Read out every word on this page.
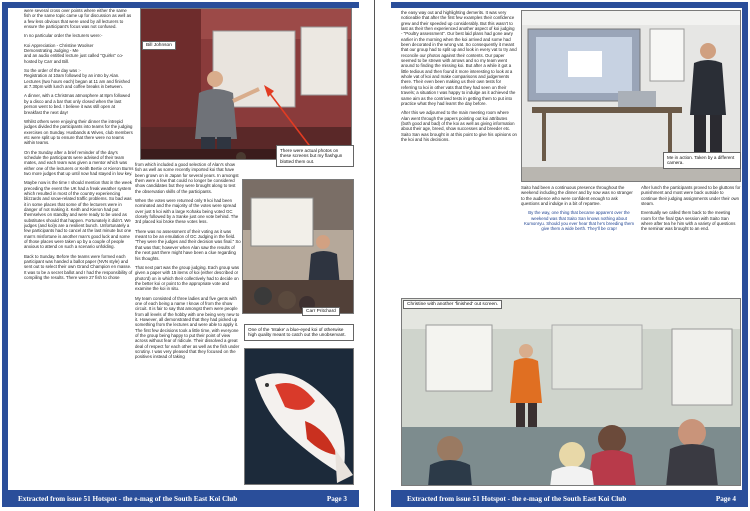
were several cross over points where either the same fish or the same topic came up for discussion as well as a few less obvious that were used by all lecturers to ensure the participant's focus was not confused.

In no particular order the lecturers were:-

Koi Appreciation - Christine Woolser
Demonstrating Judging - Me
and an audio entitled lecture just called "Quirks" co-hosted by Carr and Bill.

So the order of the day was :-
Registration at 10am followed by an intro by Alan. Lectures (two hours each) began at 11 am and finished at 7.30pm with lunch and coffee breaks in between.

A dinner, with a Christmas atmosphere at 8pm followed by a disco and a bar that only closed when the last person went to bed. I believe it was still open at breakfast the next day!

Whilst others were enjoying their dinner the intrepid judges divided the participants into teams for the judging exercises on Sunday. Husbands & Wives, club members etc were split up to ensure that there were no teams within teams.

On the Sunday after a brief reminder of the day's schedule the participants were advised of their team mates, and each team was given a mentor which was either one of the lecturers or Keith Bertie or Kieron Burns two more judges that up until now had stayed in low key.

Maybe now is the time I should mention that in the week preceding the event the UK had a freak weather system which resulted in most of the country experiencing blizzards and snow-related traffic problems. So bad was it in some places that some of the lecturers were in danger of not making it. Keith and Kieron had put themselves on standby and were ready to be used as substitutes should that happen. Fortunately it didn't. We judges (and koi)s are a resilient bunch. Unfortunately a few participants had to cancel at the last minute but one man's misfortune is another man's good luck and some of those places were taken up by a couple of people anxious to attend on such a scenario unfolding.

Back to Sunday. Before the teams were formed each participant was handed a ballot paper (NVN style) and sent out to select their own Grand Champion en masse. It was to be a secret ballot and I had the responsibility of compiling the results. There were 27 fish to chose

Bill Johnson
There were actual photos on these screens but my flashgun blotted them out.

from which included a good selection of Alan's show fish as well as some recently imported koi that have been grown on in Japan for several years. In amongst them were a few that could no longer be considered show candidates but they were brought along to test the observation skills of the participants.

When the votes were returned only 9 koi had been nominated and the majority of the votes were spread over just 5 koi with a large Kohaku being voted GC closely followed by a Sanke just one vote behind. The 3rd placed koi broke these votes less.

There was no assessment of their voting as it was meant to be an emulation of GC Judging in the field. "They were the judges and their decision was final." So that was that; however when Alan saw the results of the next part there might have been a clue regarding his thoughts.

That next part was the group judging. Each group was given a paper with 15 items of koi (either described or photo'd) on in which their collectively had to decide on the better koi or point to the appropriate vote and examine the koi in situ.

My team consisted of three ladies and five gents with one of each being a name I know of from the show circuit. It is fair to say that amongst them were people from all levels of the hobby with one being very new to it. However, all demonstrated that they had picked up something from the lectures and were able to apply it. The first few decisions took a little time, with everyone of the group being happy to put their point of view across without fear of ridicule. Their dissolved a great deal of respect for each other as well as the fish under scrutiny. I was very pleased that they focused on the positives instead of taking

Carr Pritchard
One of the 'Intake' a blue-eyed koi of otherwise high quality meant to catch out the unobservant.
Extracted from issue 51 Hotspot - the e-mag of the South East Koi Club	Page 3

the easy way out and highlighting demerits. It was very noticeable that after the first few examples their confidence grew and their speeded up considerably. But this wasn't to last as their then experienced another aspect of koi judging - "Poultry assessment". Our best laid plans had gone awry earlier in the morning when the koi arrived and some had been decorated in the wrong vat. So consequently it meant that our group had to split up and look in every vat to try and reconcile our photos against their contents. Our paper seemed to be strewn with arrows and so my team went around to finding the missing koi. But after a while it got a little tedious and then found it more interesting to look at a whole vat of koi and make comparisons and judgements there. Their even been making us their own tests for referring to koi in other vats that they had seen on their travels; a situation I was happy to indulge as it achieved the same aim as the contrived tests in getting them to put into practice what they had learnt the day before.

After this we adjourned to the main meeting room where Alan went through the papers pointing out koi attributes (both good and bad) of the koi as well as giving information about their age, breed, show successes and breeder etc. Saito San was brought in at this point to give his opinions on the koi and his decisions.

Me in action. Taken by a different camera.

Saito had been a continuous presence throughout the weekend including the dinner and by now was no stranger to the audience who were confident enough to ask questions and indulge in a bit of repartee.

By the way, one thing that became apparent over the weekend was that Saito San knows nothing about Kumonryu. Should you ever hear that he's breeding them give them a wide berth. They'll be crap!

After lunch the participants proved to be gluttons for punishment and most were back outside to continue their judging assignments under their own steam.

Eventually we called them back to the meeting room for the final Q&A session with Saito San where after tea he him with a variety of questions the seminar was brought to an end.

Christine with another 'finished' out screen.
Extracted from issue 51 Hotspot - the e-mag of the South East Koi Club	Page 4
